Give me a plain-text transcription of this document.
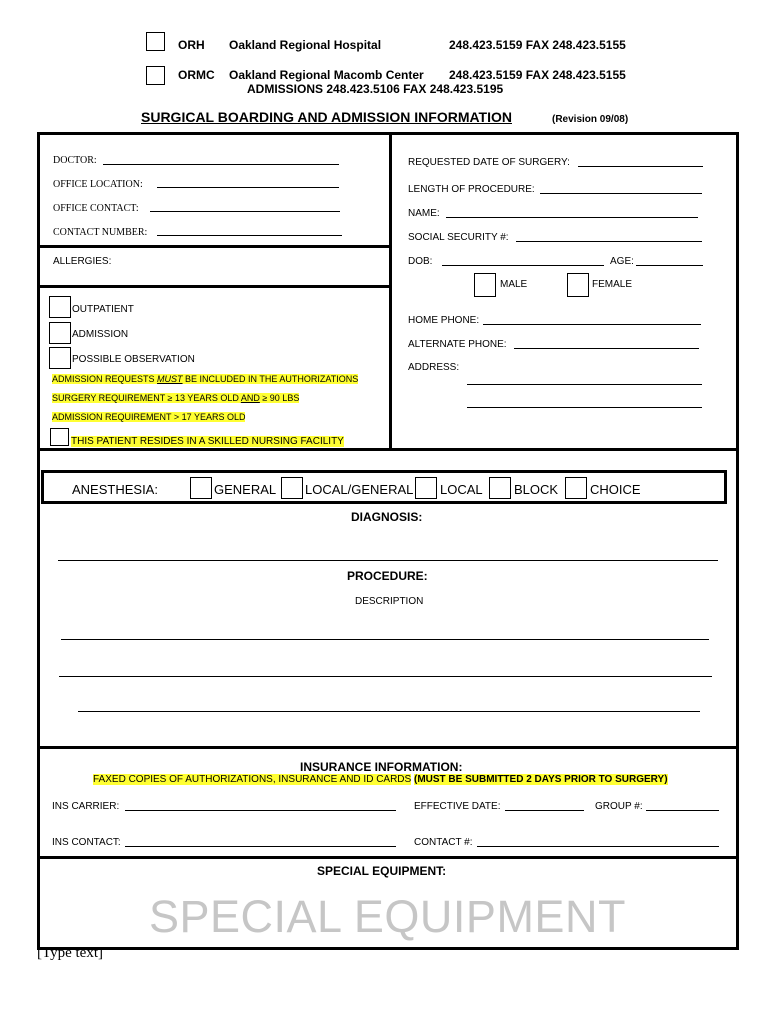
ORH Oakland Regional Hospital	248.423.5159 FAX 248.423.5155
ORMC Oakland Regional Macomb Center 248.423.5159 FAX 248.423.5155
ADMISSIONS 248.423.5106 FAX 248.423.5195
SURGICAL BOARDING AND ADMISSION INFORMATION	(Revision 09/08)
DOCTOR:
OFFICE LOCATION:
OFFICE CONTACT:
CONTACT NUMBER:
ALLERGIES:
REQUESTED DATE OF SURGERY:
LENGTH OF PROCEDURE:
NAME:
SOCIAL SECURITY #:
DOB:	AGE:
MALE	FEMALE
HOME PHONE:
ALTERNATE PHONE:
ADDRESS:
OUTPATIENT
ADMISSION
POSSIBLE OBSERVATION
ADMISSION REQUESTS MUST BE INCLUDED IN THE AUTHORIZATIONS
SURGERY REQUIREMENT ≥ 13 YEARS OLD AND ≥ 90 LBS
ADMISSION REQUIREMENT > 17 YEARS OLD
THIS PATIENT RESIDES IN A SKILLED NURSING FACILITY
ANESTHESIA:	GENERAL LOCAL/GENERAL LOCAL BLOCK CHOICE
DIAGNOSIS:
PROCEDURE:
DESCRIPTION
INSURANCE INFORMATION:
FAXED COPIES OF AUTHORIZATIONS, INSURANCE AND ID CARDS (MUST BE SUBMITTED 2 DAYS PRIOR TO SURGERY)
INS CARRIER:	EFFECTIVE DATE:	GROUP #:
INS CONTACT:	CONTACT #:
SPECIAL EQUIPMENT:
SPECIAL EQUIPMENT
[Type text]
